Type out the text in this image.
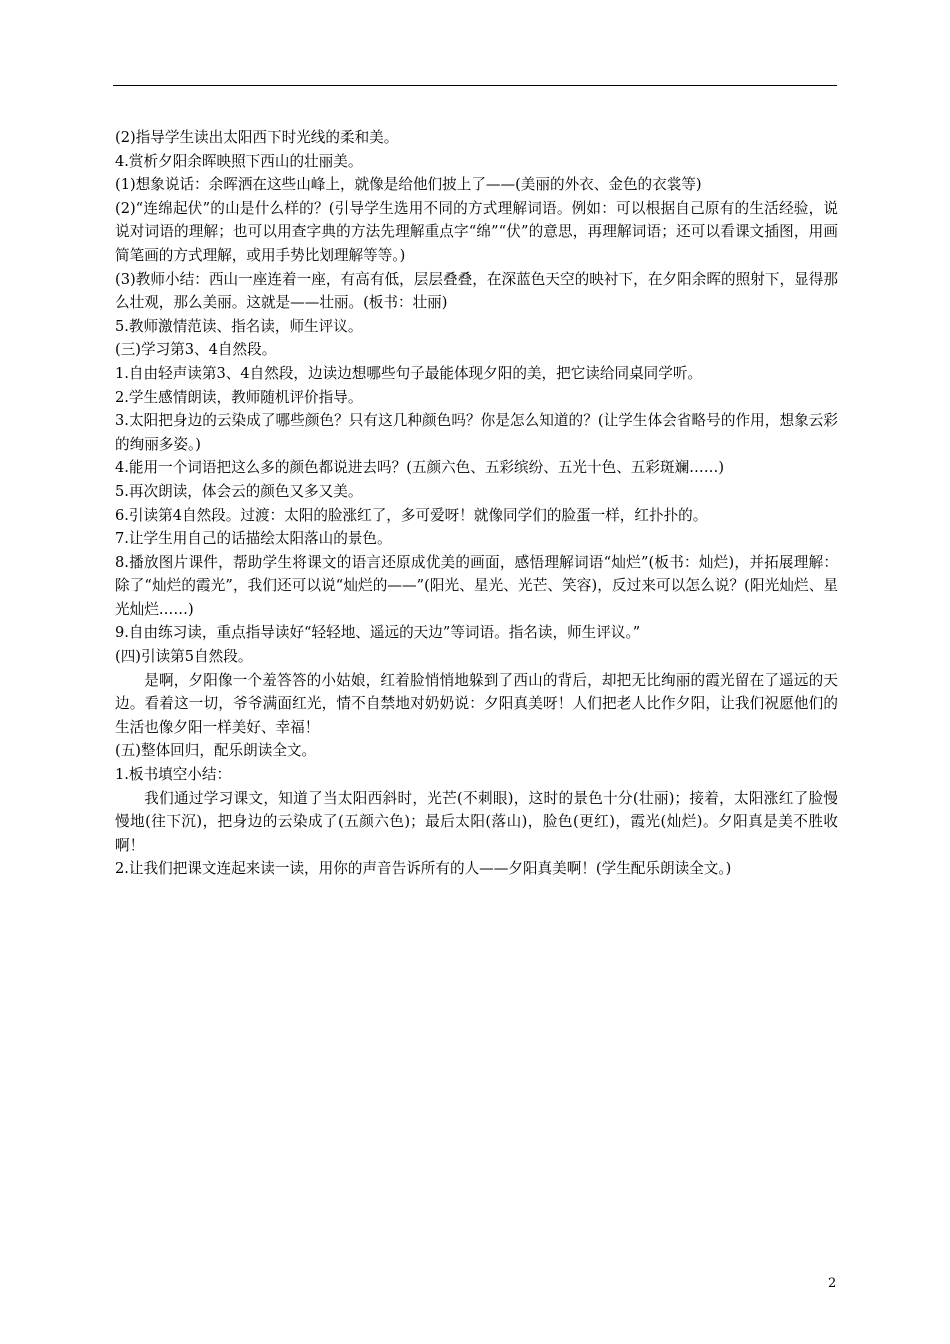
(2)指导学生读出太阳西下时光线的柔和美。

4.赏析夕阳余晖映照下西山的壮丽美。

(1)想象说话：余晖洒在这些山峰上，就像是给他们披上了——(美丽的外衣、金色的衣裳等)

(2)“连绵起伏”的山是什么样的？(引导学生选用不同的方式理解词语。例如：可以根据自己原有的生活经验，说说对词语的理解；也可以用查字典的方法先理解重点字“绵”“伏”的意思，再理解词语；还可以看课文插图，用画简笔画的方式理解，或用手势比划理解等等。)

(3)教师小结：西山一座连着一座，有高有低，层层叠叠，在深蓝色天空的映衬下，在夕阳余晖的照射下，显得那么壮观，那么美丽。这就是——壮丽。(板书：壮丽)

5.教师激情范读、指名读，师生评议。

(三)学习第3、4自然段。

1.自由轻声读第3、4自然段，边读边想哪些句子最能体现夕阳的美，把它读给同桌同学听。

2.学生感情朗读，教师随机评价指导。

3.太阳把身边的云染成了哪些颜色？只有这几种颜色吗？你是怎么知道的？(让学生体会省略号的作用，想象云彩的绚丽多姿。)

4.能用一个词语把这么多的颜色都说进去吗？(五颜六色、五彩缤纷、五光十色、五彩斑斓……)

5.再次朗读，体会云的颜色又多又美。

6.引读第4自然段。过渡：太阳的脸涨红了，多可爱呀！就像同学们的脸蛋一样，红扑扑的。

7.让学生用自己的话描绘太阳落山的景色。

8.播放图片课件，帮助学生将课文的语言还原成优美的画面，感悟理解词语“灿烂”(板书：灿烂)，并拓展理解：除了“灿烂的霞光”，我们还可以说“灿烂的——”(阳光、星光、光芒、笑容)，反过来可以怎么说？(阳光灿烂、星光灿烂……)

9.自由练习读，重点指导读好“轻轻地、遥远的天边”等词语。指名读，师生评议。”

(四)引读第5自然段。

是啊，夕阳像一个羞答答的小姑娘，红着脸悄悄地躲到了西山的背后，却把无比绚丽的霞光留在了遥远的天边。看着这一切，爷爷满面红光，情不自禁地对奶奶说：夕阳真美呀！人们把老人比作夕阳，让我们祝愿他们的生活也像夕阳一样美好、幸福！

(五)整体回归，配乐朗读全文。

1.板书填空小结：

我们通过学习课文，知道了当太阳西斜时，光芒(不刺眼)，这时的景色十分(壮丽)；接着，太阳涨红了脸慢慢地(往下沉)，把身边的云染成了(五颜六色)；最后太阳(落山)，脸色(更红)，霞光(灿烂)。夕阳真是美不胜收啊！

2.让我们把课文连起来读一读，用你的声音告诉所有的人——夕阳真美啊！(学生配乐朗读全文。)

2
